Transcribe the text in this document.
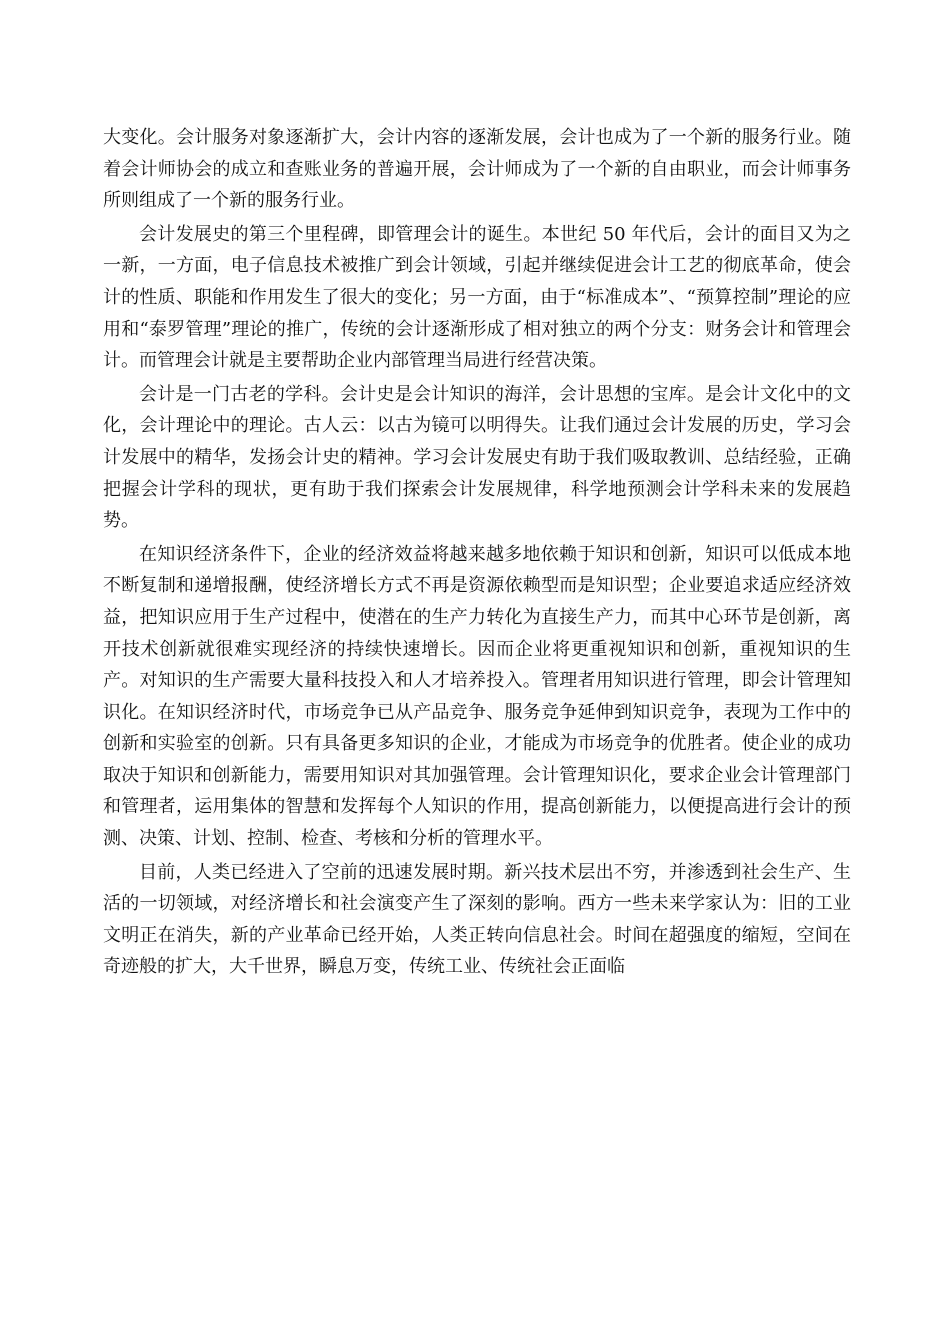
大变化。会计服务对象逐渐扩大，会计内容的逐渐发展，会计也成为了一个新的服务行业。随着会计师协会的成立和查账业务的普遍开展，会计师成为了一个新的自由职业，而会计师事务所则组成了一个新的服务行业。

会计发展史的第三个里程碑，即管理会计的诞生。本世纪 50 年代后，会计的面目又为之一新，一方面，电子信息技术被推广到会计领域，引起并继续促进会计工艺的彻底革命，使会计的性质、职能和作用发生了很大的变化；另一方面，由于“标准成本”、“预算控制”理论的应用和“泰罗管理”理论的推广，传统的会计逐渐形成了相对独立的两个分支：财务会计和管理会计。而管理会计就是主要帮助企业内部管理当局进行经营决策。

会计是一门古老的学科。会计史是会计知识的海洋，会计思想的宝库。是会计文化中的文化，会计理论中的理论。古人云：以古为镜可以明得失。让我们通过会计发展的历史，学习会计发展中的精华，发扬会计史的精神。学习会计发展史有助于我们吸取教训、总结经验，正确把握会计学科的现状，更有助于我们探索会计发展规律，科学地预测会计学科未来的发展趋势。

在知识经济条件下，企业的经济效益将越来越多地依赖于知识和创新，知识可以低成本地不断复制和递增报酬，使经济增长方式不再是资源依赖型而是知识型；企业要追求适应经济效益，把知识应用于生产过程中，使潜在的生产力转化为直接生产力，而其中心环节是创新，离开技术创新就很难实现经济的持续快速增长。因而企业将更重视知识和创新，重视知识的生产。对知识的生产需要大量科技投入和人才培养投入。管理者用知识进行管理，即会计管理知识化。在知识经济时代，市场竞争已从产品竞争、服务竞争延伸到知识竞争，表现为工作中的创新和实验室的创新。只有具备更多知识的企业，才能成为市场竞争的优胜者。使企业的成功取决于知识和创新能力，需要用知识对其加强管理。会计管理知识化，要求企业会计管理部门和管理者，运用集体的智慧和发挥每个人知识的作用，提高创新能力，以便提高进行会计的预测、决策、计划、控制、检查、考核和分析的管理水平。

目前，人类已经进入了空前的迅速发展时期。新兴技术层出不穷，并渗透到社会生产、生活的一切领域，对经济增长和社会演变产生了深刻的影响。西方一些未来学家认为：旧的工业文明正在消失，新的产业革命已经开始，人类正转向信息社会。时间在超强度的缩短，空间在奇迹般的扩大，大千世界，瞬息万变，传统工业、传统社会正面临
